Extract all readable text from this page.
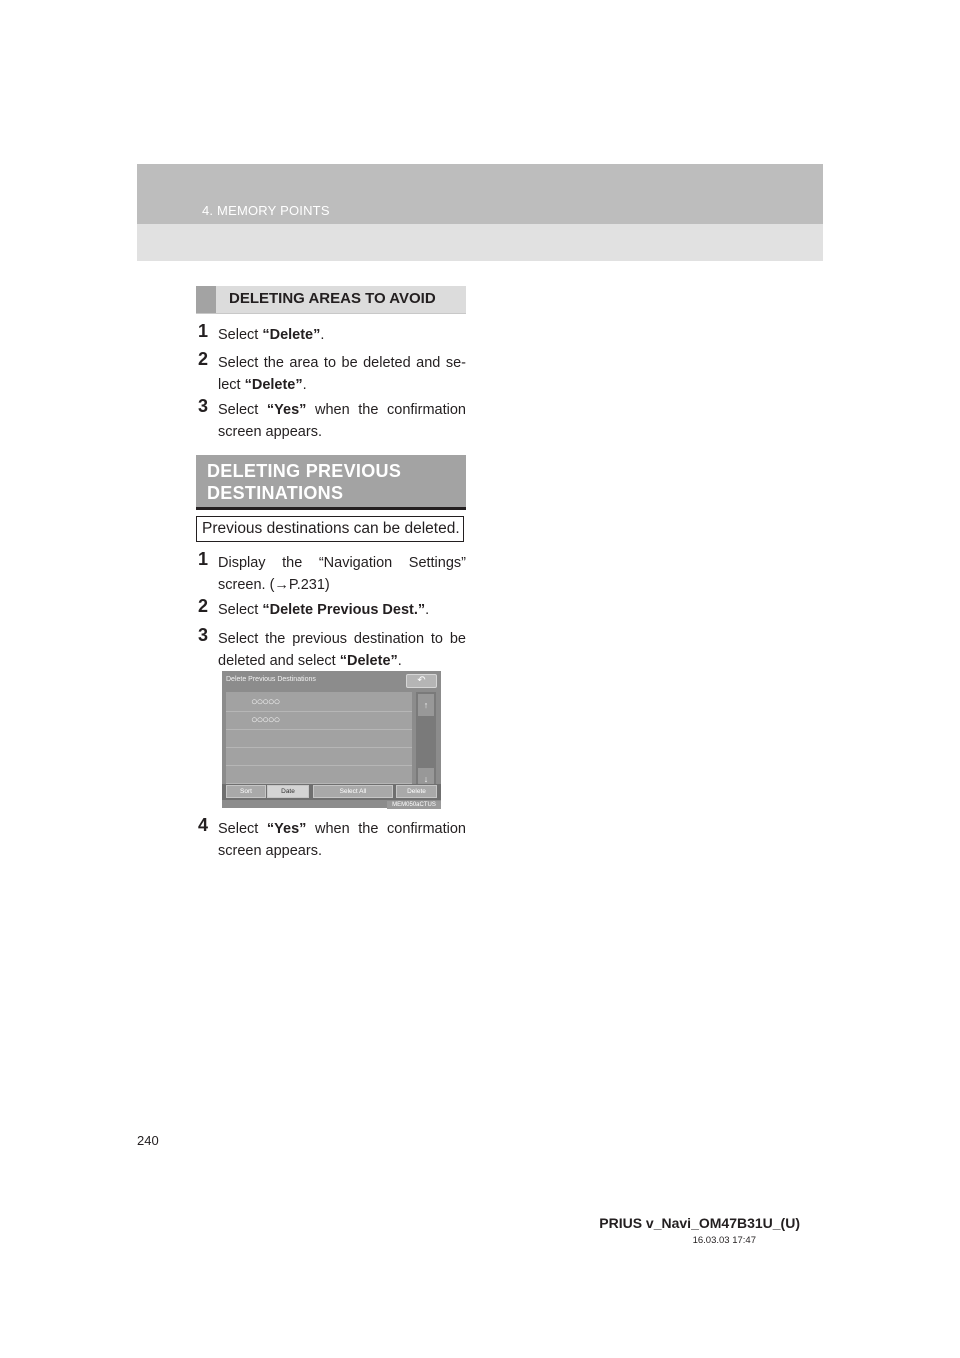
4. MEMORY POINTS
DELETING AREAS TO AVOID
1 Select “Delete”.
2 Select the area to be deleted and se- lect “Delete”.
3 Select “Yes” when the confirmation screen appears.
DELETING PREVIOUS DESTINATIONS
Previous destinations can be deleted.
1 Display the “Navigation Settings” screen. (→P.231)
2 Select “Delete Previous Dest.”.
3 Select the previous destination to be deleted and select “Delete”.
Delete Previous Destinations	↶
○○○○○
○○○○○
↑
↓
Sort	Date	Select All	Delete
MEM050aCTUS
4 Select “Yes” when the confirmation screen appears.
240
PRIUS v_Navi_OM47B31U_(U)
16.03.03 17:47
